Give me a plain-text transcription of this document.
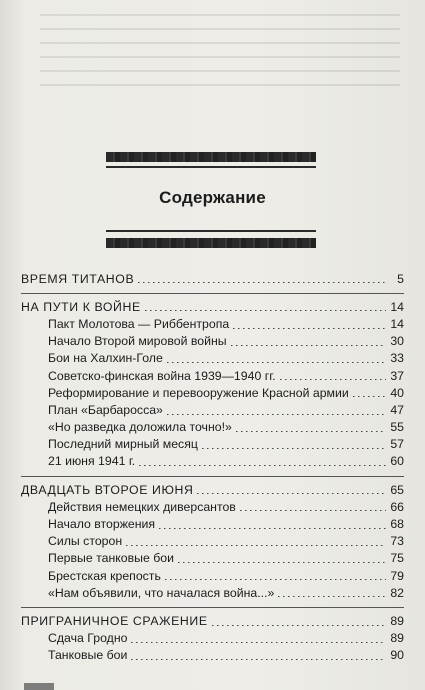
Содержание
ВРЕМЯ ТИТАНОВ	5
НА ПУТИ К ВОЙНЕ	14
Пакт Молотова — Риббентропа	14
Начало Второй мировой войны	30
Бои на Халхин-Голе	33
Советско-финская война 1939—1940 гг.	37
Реформирование и перевооружение Красной армии	40
План «Барбаросса»	47
«Но разведка доложила точно!»	55
Последний мирный месяц	57
21 июня 1941 г.	60
ДВАДЦАТЬ ВТОРОЕ ИЮНЯ	65
Действия немецких диверсантов	66
Начало вторжения	68
Силы сторон	73
Первые танковые бои	75
Брестская крепость	79
«Нам объявили, что началася война...»	82
ПРИГРАНИЧНОЕ СРАЖЕНИЕ	89
Сдача Гродно	89
Танковые бои	90
